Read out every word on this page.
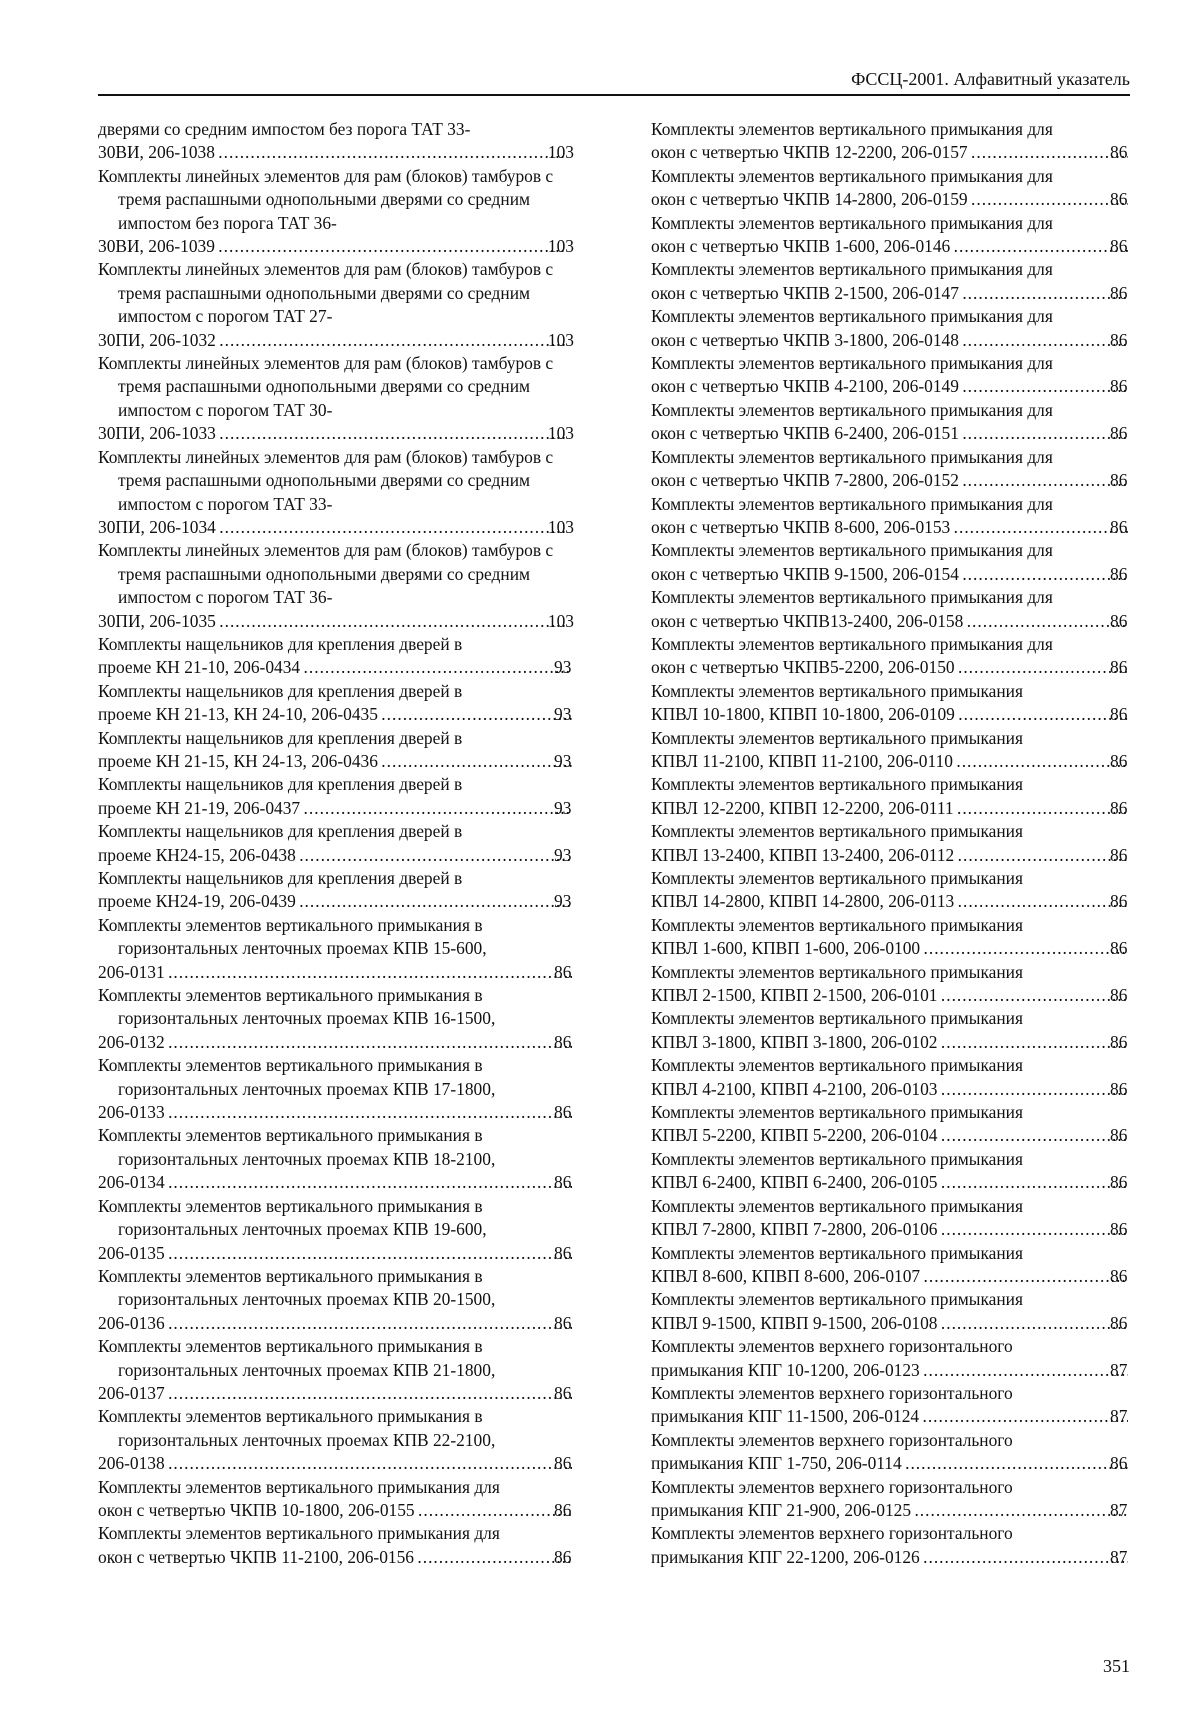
ФССЦ-2001. Алфавитный указатель
дверями со средним импостом без порога ТАТ 33-
30ВИ, 206-1038 .....	103
Комплекты линейных элементов для рам (блоков) тамбуров с тремя распашными однопольными дверями со средним импостом без порога ТАТ 36-
30ВИ, 206-1039 .....	103
Комплекты линейных элементов для рам (блоков) тамбуров с тремя распашными однопольными дверями со средним импостом с порогом ТАТ 27-
30ПИ, 206-1032 .....	103
Комплекты линейных элементов для рам (блоков) тамбуров с тремя распашными однопольными дверями со средним импостом с порогом ТАТ 30-
30ПИ, 206-1033 .....	103
Комплекты линейных элементов для рам (блоков) тамбуров с тремя распашными однопольными дверями со средним импостом с порогом ТАТ 33-
30ПИ, 206-1034 .....	103
Комплекты линейных элементов для рам (блоков) тамбуров с тремя распашными однопольными дверями со средним импостом с порогом ТАТ 36-
30ПИ, 206-1035 .....	103
Комплекты нащельников для крепления дверей в
проеме КН 21-10, 206-0434 .....	93
Комплекты нащельников для крепления дверей в
проеме КН 21-13, КН 24-10, 206-0435 .....	93
Комплекты нащельников для крепления дверей в
проеме КН 21-15, КН 24-13, 206-0436 .....	93
Комплекты нащельников для крепления дверей в
проеме КН 21-19, 206-0437 .....	93
Комплекты нащельников для крепления дверей в
проеме КН24-15, 206-0438 .....	93
Комплекты нащельников для крепления дверей в
проеме КН24-19, 206-0439 .....	93
Комплекты элементов вертикального примыкания в горизонтальных ленточных проемах КПВ 15-600,
206-0131 .....	86
Комплекты элементов вертикального примыкания в горизонтальных ленточных проемах КПВ 16-1500,
206-0132 .....	86
Комплекты элементов вертикального примыкания в горизонтальных ленточных проемах КПВ 17-1800,
206-0133 .....	86
Комплекты элементов вертикального примыкания в горизонтальных ленточных проемах КПВ 18-2100,
206-0134 .....	86
Комплекты элементов вертикального примыкания в горизонтальных ленточных проемах КПВ 19-600,
206-0135 .....	86
Комплекты элементов вертикального примыкания в горизонтальных ленточных проемах КПВ 20-1500,
206-0136 .....	86
Комплекты элементов вертикального примыкания в горизонтальных ленточных проемах КПВ 21-1800,
206-0137 .....	86
Комплекты элементов вертикального примыкания в горизонтальных ленточных проемах КПВ 22-2100,
206-0138 .....	86
Комплекты элементов вертикального примыкания для
окон с четвертью ЧКПВ 10-1800, 206-0155 .....	86
Комплекты элементов вертикального примыкания для
окон с четвертью ЧКПВ 11-2100, 206-0156 .....	86
Комплекты элементов вертикального примыкания для
окон с четвертью ЧКПВ 12-2200, 206-0157 .....	86
Комплекты элементов вертикального примыкания для
окон с четвертью ЧКПВ 14-2800, 206-0159 .....	86
Комплекты элементов вертикального примыкания для
окон с четвертью ЧКПВ 1-600, 206-0146 .....	86
Комплекты элементов вертикального примыкания для
окон с четвертью ЧКПВ 2-1500, 206-0147 .....	86
Комплекты элементов вертикального примыкания для
окон с четвертью ЧКПВ 3-1800, 206-0148 .....	86
Комплекты элементов вертикального примыкания для
окон с четвертью ЧКПВ 4-2100, 206-0149 .....	86
Комплекты элементов вертикального примыкания для
окон с четвертью ЧКПВ 6-2400, 206-0151 .....	86
Комплекты элементов вертикального примыкания для
окон с четвертью ЧКПВ 7-2800, 206-0152 .....	86
Комплекты элементов вертикального примыкания для
окон с четвертью ЧКПВ 8-600, 206-0153 .....	86
Комплекты элементов вертикального примыкания для
окон с четвертью ЧКПВ 9-1500, 206-0154 .....	86
Комплекты элементов вертикального примыкания для
окон с четвертью ЧКПВ13-2400, 206-0158 .....	86
Комплекты элементов вертикального примыкания для
окон с четвертью ЧКПВ5-2200, 206-0150 .....	86
Комплекты элементов вертикального примыкания
КПВЛ 10-1800, КПВП 10-1800, 206-0109 .....	86
Комплекты элементов вертикального примыкания
КПВЛ 11-2100, КПВП 11-2100, 206-0110 .....	86
Комплекты элементов вертикального примыкания
КПВЛ 12-2200, КПВП 12-2200, 206-0111 .....	86
Комплекты элементов вертикального примыкания
КПВЛ 13-2400, КПВП 13-2400, 206-0112 .....	86
Комплекты элементов вертикального примыкания
КПВЛ 14-2800, КПВП 14-2800, 206-0113 .....	86
Комплекты элементов вертикального примыкания
КПВЛ 1-600, КПВП 1-600, 206-0100 .....	86
Комплекты элементов вертикального примыкания
КПВЛ 2-1500, КПВП 2-1500, 206-0101 .....	86
Комплекты элементов вертикального примыкания
КПВЛ 3-1800, КПВП 3-1800, 206-0102 .....	86
Комплекты элементов вертикального примыкания
КПВЛ 4-2100, КПВП 4-2100, 206-0103 .....	86
Комплекты элементов вертикального примыкания
КПВЛ 5-2200, КПВП 5-2200, 206-0104 .....	86
Комплекты элементов вертикального примыкания
КПВЛ 6-2400, КПВП 6-2400, 206-0105 .....	86
Комплекты элементов вертикального примыкания
КПВЛ 7-2800, КПВП 7-2800, 206-0106 .....	86
Комплекты элементов вертикального примыкания
КПВЛ 8-600, КПВП 8-600, 206-0107 .....	86
Комплекты элементов вертикального примыкания
КПВЛ 9-1500, КПВП 9-1500, 206-0108 .....	86
Комплекты элементов верхнего горизонтального
примыкания КПГ 10-1200, 206-0123 .....	87
Комплекты элементов верхнего горизонтального
примыкания КПГ 11-1500, 206-0124 .....	87
Комплекты элементов верхнего горизонтального
примыкания КПГ 1-750, 206-0114 .....	86
Комплекты элементов верхнего горизонтального
примыкания КПГ 21-900, 206-0125 .....	87
Комплекты элементов верхнего горизонтального
примыкания КПГ 22-1200, 206-0126 .....	87
351
